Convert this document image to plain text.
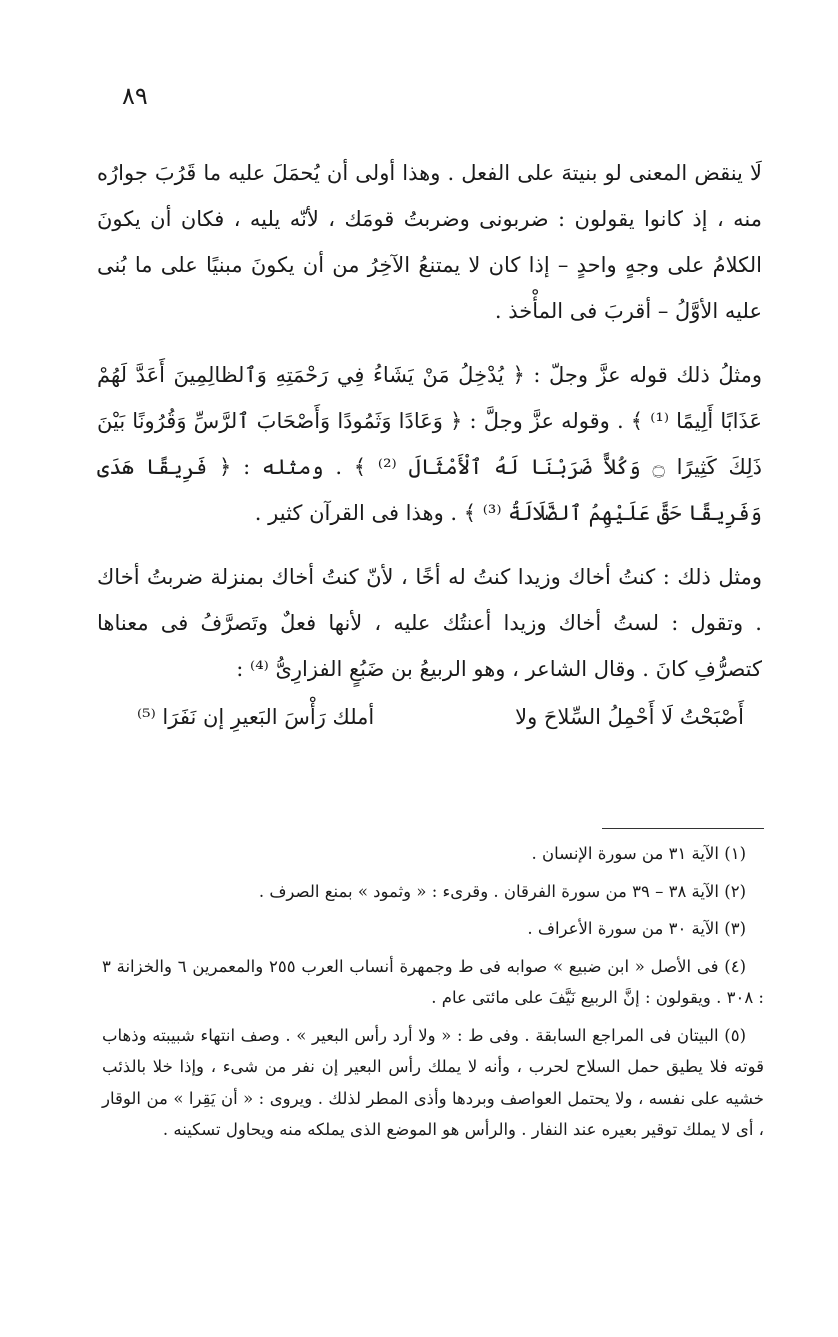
٨٩

لَا ينقض المعنى لو بنيتهَ على الفعل . وهذا أولى أن يُحمَلَ عليه ما قَرُبَ جوارُه منه ، إذ كانوا يقولون : ضربونى وضربتُ قومَك ، لأنّه يليه ، فكان أن يكونَ الكلامُ على وجهٍ واحدٍ – إذا كان لا يمتنعُ الآخِرُ من أن يكونَ مبنيًا على ما بُنى عليه الأوَّلُ – أقربَ فى المأْخذ .

ومثلُ ذلك قوله عزَّ وجلّ : ﴿ يُدْخِلُ مَنْ يَشَاءُ فِي رَحْمَتِهِ وَٱلظالِمِينَ أَعَدَّ لَهُمْ عَذَابًا أَلِيمًا ⁽¹⁾ ﴾ . وقوله عزَّ وجلَّ : ﴿ وَعَادًا وَثَمُودًا وَأَصْحَابَ ٱلرَّسِّ وَقُرُونًا بَيْنَ ذَلِكَ كَثِيرًا ۝ وَكُلاًّ ضَرَبْنَا لَهُ ٱلْأَمْثَالَ ⁽²⁾ ﴾ . ومثله : ﴿ فَرِيقًا هَدَى وَفَرِيقًا حَقَّ عَلَيْهِمُ ٱلضَّلَالَةُ ⁽³⁾ ﴾ . وهذا فى القرآن كثير .

ومثل ذلك : كنتُ أخاك وزيدا كنتُ له أخًا ، لأنّ كنتُ أخاك بمنزلة ضربتُ أخاك . وتقول : لستُ أخاك وزيدا أعنتُك عليه ، لأنها فعلٌ وتَصرَّفُ فى معناها كتصرُّفِ كانَ . وقال الشاعر ، وهو الربيعُ بن ضَبُعٍ الفزارِىُّ ⁽⁴⁾ :

أَصْبَحْتُ لَا أَحْمِلُ السِّلاحَ ولا
أملك رَأْسَ البَعيرِ إن نَفَرَا ⁽⁵⁾

(١) الآية ٣١ من سورة الإنسان .

(٢) الآية ٣٨ – ٣٩ من سورة الفرقان . وقرىء : « وثمود » بمنع الصرف .

(٣) الآية ٣٠ من سورة الأعراف .

(٤) فى الأصل « ابن ضبيع » صوابه فى ط وجمهرة أنساب العرب ٢٥٥ والمعمرين ٦ والخزانة ٣ : ٣٠٨ . ويقولون : إنَّ الربيع نَيَّفَ على مائتى عام .

(٥) البيتان فى المراجع السابقة . وفى ط : « ولا أرد رأس البعير » . وصف انتهاء شبيبته وذهاب قوته فلا يطيق حمل السلاح لحرب ، وأنه لا يملك رأس البعير إن نفر من شىء ، وإذا خلا بالذئب خشيه على نفسه ، ولا يحتمل العواصف وبردها وأذى المطر لذلك . ويروى : « أن يَقِرا » من الوقار ، أى لا يملك توقير بعيره عند النفار . والرأس هو الموضع الذى يملكه منه ويحاول تسكينه .
